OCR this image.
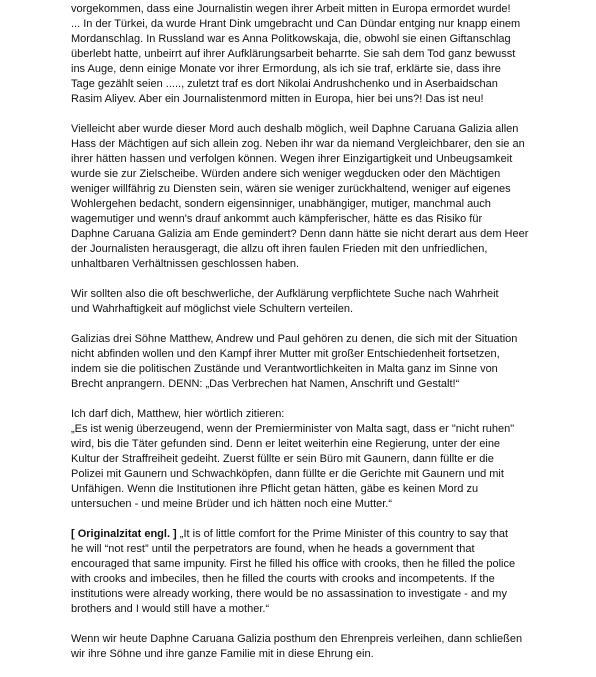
vorgekommen, dass eine Journalistin wegen ihrer Arbeit mitten in Europa ermordet wurde!
... In der Türkei, da wurde Hrant Dink umgebracht und Can Dündar entging nur knapp einem
Mordanschlag. In Russland war es Anna Politkowskaja, die, obwohl sie einen Giftanschlag
überlebt hatte, unbeirrt auf ihrer Aufklärungsarbeit beharrte. Sie sah dem Tod ganz bewusst
ins Auge, denn einige Monate vor ihrer Ermordung, als ich sie traf, erklärte sie, dass ihre
Tage gezählt seien ....., zuletzt traf es dort Nikolai Andrushchenko und in Aserbaidschan
Rasim Aliyev. Aber ein Journalistenmord mitten in Europa, hier bei uns?! Das ist neu!

Vielleicht aber wurde dieser Mord auch deshalb möglich, weil Daphne Caruana Galizia allen
Hass der Mächtigen auf sich allein zog. Neben ihr war da niemand Vergleichbarer, den sie an
ihrer hätten hassen und verfolgen können. Wegen ihrer Einzigartigkeit und Unbeugsamkeit
wurde sie zur Zielscheibe. Würden andere sich weniger wegducken oder den Mächtigen
weniger willfährig zu Diensten sein, wären sie weniger zurückhaltend, weniger auf eigenes
Wohlergehen bedacht, sondern eigensinniger, unabhängiger, mutiger, manchmal auch
wagemutiger und wenn's drauf ankommt auch kämpferischer, hätte es das Risiko für
Daphne Caruana Galizia am Ende gemindert? Denn dann hätte sie nicht derart aus dem Heer
der Journalisten herausgeragt, die allzu oft ihren faulen Frieden mit den unfriedlichen,
unhaltbaren Verhältnissen geschlossen haben.

Wir sollten also die oft beschwerliche, der Aufklärung verpflichtete Suche nach Wahrheit
und Wahrhaftigkeit auf möglichst viele Schultern verteilen.

Galizias drei Söhne Matthew, Andrew und Paul gehören zu denen, die sich mit der Situation
nicht abfinden wollen und den Kampf ihrer Mutter mit großer Entschiedenheit fortsetzen,
indem sie die politischen Zustände und Verantwortlichkeiten in Malta ganz im Sinne von
Brecht anprangern. DENN: „Das Verbrechen hat Namen, Anschrift und Gestalt!“

Ich darf dich, Matthew, hier wörtlich zitieren:
„Es ist wenig überzeugend, wenn der Premierminister von Malta sagt, dass er "nicht ruhen"
wird, bis die Täter gefunden sind. Denn er leitet weiterhin eine Regierung, unter der eine
Kultur der Straffreiheit gedeiht. Zuerst füllte er sein Büro mit Gaunern, dann füllte er die
Polizei mit Gaunern und Schwachköpfen, dann füllte er die Gerichte mit Gaunern und mit
Unfähigen. Wenn die Institutionen ihre Pflicht getan hätten, gäbe es keinen Mord zu
untersuchen - und meine Brüder und ich hätten noch eine Mutter.“

[ Originalzitat engl. ] „It is of little comfort for the Prime Minister of this country to say that
he will “not rest” until the perpetrators are found, when he heads a government that
encouraged that same impunity. First he filled his office with crooks, then he filled the police
with crooks and imbeciles, then he filled the courts with crooks and incompetents. If the
institutions were already working, there would be no assassination to investigate - and my
brothers and I would still have a mother.“

Wenn wir heute Daphne Caruana Galizia posthum den Ehrenpreis verleihen, dann schließen
wir ihre Söhne und ihre ganze Familie mit in diese Ehrung ein.
